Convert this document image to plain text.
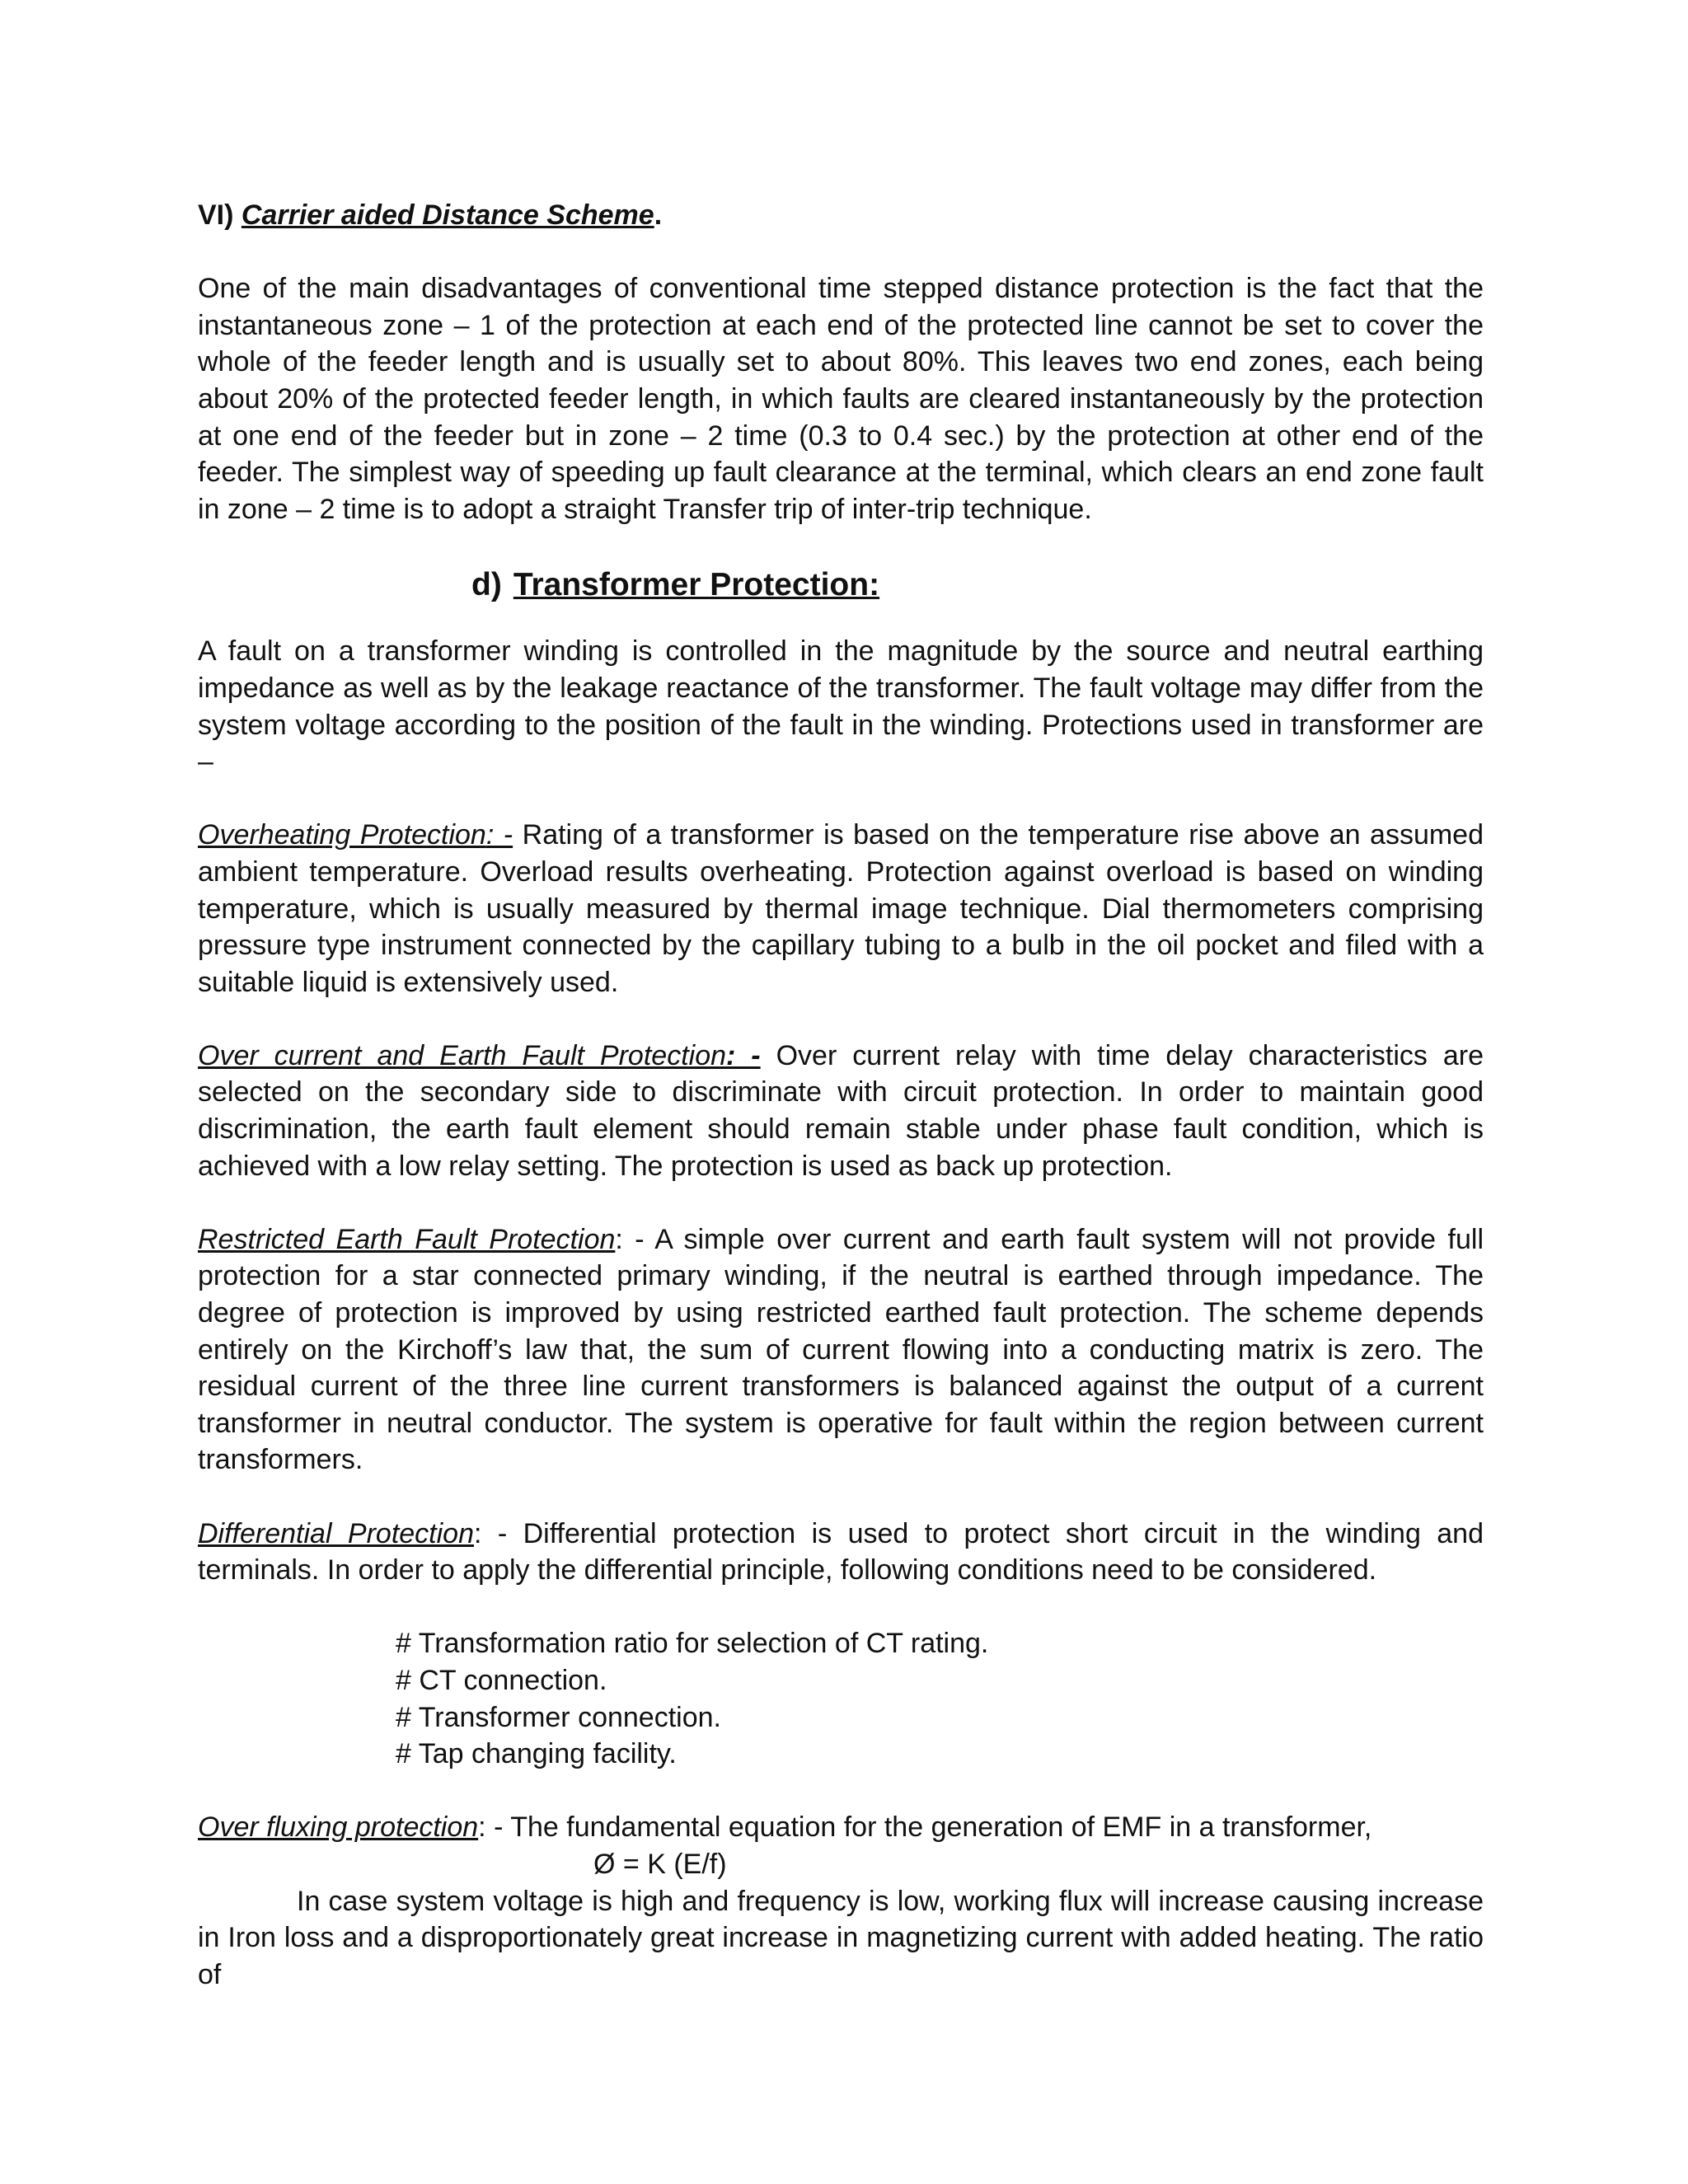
VI) Carrier aided Distance Scheme.

One of the main disadvantages of conventional time stepped distance protection is the fact that the instantaneous zone – 1 of the protection at each end of the protected line cannot be set to cover the whole of the feeder length and is usually set to about 80%. This leaves two end zones, each being about 20% of the protected feeder length, in which faults are cleared instantaneously by the protection at one end of the feeder but in zone – 2 time (0.3 to 0.4 sec.) by the protection at other end of the feeder. The simplest way of speeding up fault clearance at the terminal, which clears an end zone fault in zone – 2 time is to adopt a straight Transfer trip of inter-trip technique.

d) Transformer Protection:

A fault on a transformer winding is controlled in the magnitude by the source and neutral earthing impedance as well as by the leakage reactance of the transformer. The fault voltage may differ from the system voltage according to the position of the fault in the winding. Protections used in transformer are –

Overheating Protection: - Rating of a transformer is based on the temperature rise above an assumed ambient temperature. Overload results overheating. Protection against overload is based on winding temperature, which is usually measured by thermal image technique. Dial thermometers comprising pressure type instrument connected by the capillary tubing to a bulb in the oil pocket and filed with a suitable liquid is extensively used.

Over current and Earth Fault Protection: - Over current relay with time delay characteristics are selected on the secondary side to discriminate with circuit protection. In order to maintain good discrimination, the earth fault element should remain stable under phase fault condition, which is achieved with a low relay setting. The protection is used as back up protection.

Restricted Earth Fault Protection: - A simple over current and earth fault system will not provide full protection for a star connected primary winding, if the neutral is earthed through impedance. The degree of protection is improved by using restricted earthed fault protection. The scheme depends entirely on the Kirchoff’s law that, the sum of current flowing into a conducting matrix is zero. The residual current of the three line current transformers is balanced against the output of a current transformer in neutral conductor. The system is operative for fault within the region between current transformers.

Differential Protection: - Differential protection is used to protect short circuit in the winding and terminals. In order to apply the differential principle, following conditions need to be considered.

# Transformation ratio for selection of CT rating.
# CT connection.
# Transformer connection.
# Tap changing facility.

Over fluxing protection: - The fundamental equation for the generation of EMF in a transformer,

Ø = K (E/f)

In case system voltage is high and frequency is low, working flux will increase causing increase in Iron loss and a disproportionately great increase in magnetizing current with added heating. The ratio of
